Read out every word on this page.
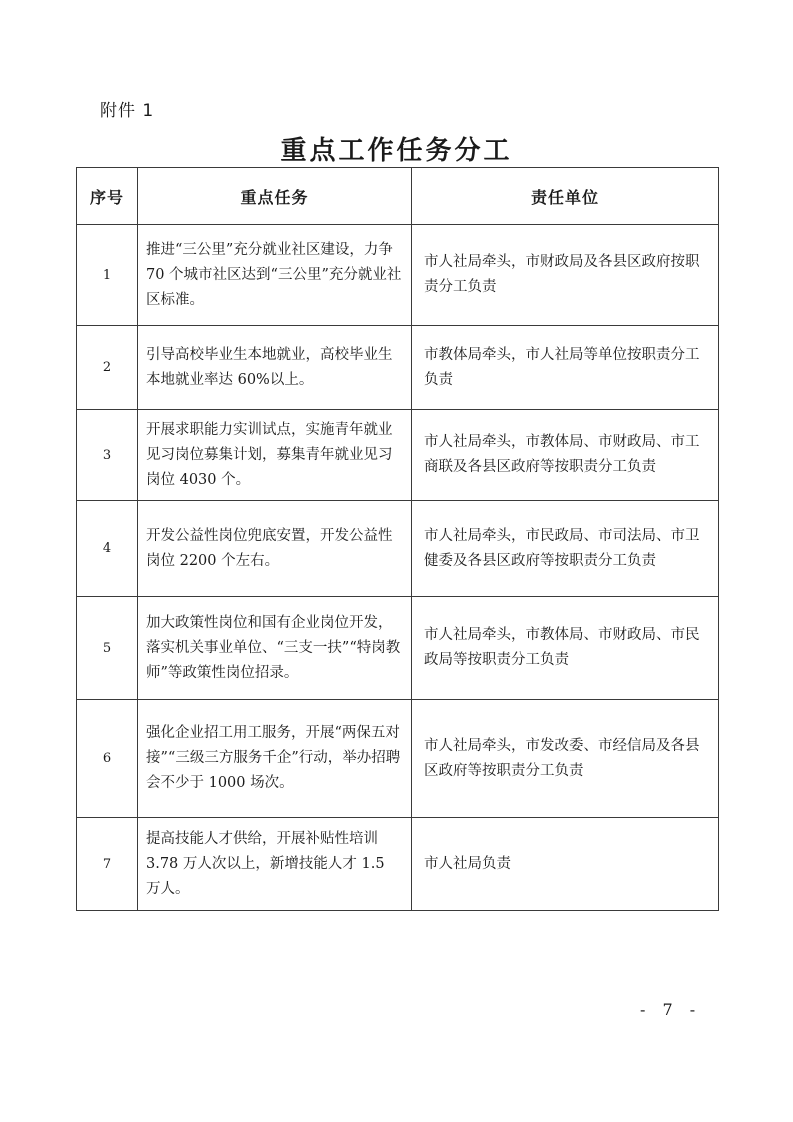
附件 1
重点工作任务分工
序号	重点任务	责任单位
1	推进“三公里”充分就业社区建设，力争 70 个城市社区达到“三公里”充分就业社区标准。	市人社局牵头，市财政局及各县区政府按职责分工负责
2	引导高校毕业生本地就业，高校毕业生本地就业率达 60%以上。	市教体局牵头，市人社局等单位按职责分工负责
3	开展求职能力实训试点，实施青年就业见习岗位募集计划，募集青年就业见习岗位 4030 个。	市人社局牵头，市教体局、市财政局、市工商联及各县区政府等按职责分工负责
4	开发公益性岗位兜底安置，开发公益性岗位 2200 个左右。	市人社局牵头，市民政局、市司法局、市卫健委及各县区政府等按职责分工负责
5	加大政策性岗位和国有企业岗位开发，落实机关事业单位、“三支一扶”“特岗教师”等政策性岗位招录。	市人社局牵头，市教体局、市财政局、市民政局等按职责分工负责
6	强化企业招工用工服务，开展“两保五对接”“三级三方服务千企”行动，举办招聘会不少于 1000 场次。	市人社局牵头，市发改委、市经信局及各县区政府等按职责分工负责
7	提高技能人才供给，开展补贴性培训 3.78 万人次以上，新增技能人才 1.5 万人。	市人社局负责
- 7 -
